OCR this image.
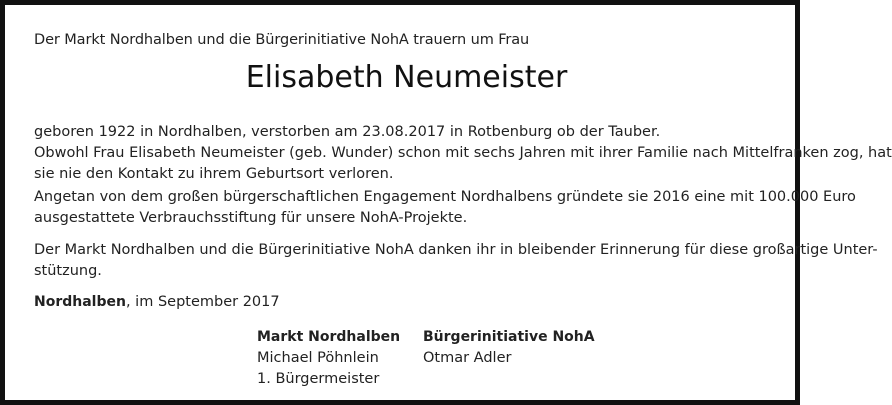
Der Markt Nordhalben und die Bürgerinitiative NohA trauern um Frau
Elisabeth Neumeister
geboren 1922 in Nordhalben, verstorben am 23.08.2017 in Rotbenburg ob der Tauber.
Obwohl Frau Elisabeth Neumeister (geb. Wunder) schon mit sechs Jahren mit ihrer Familie nach Mittelfranken zog, hat
sie nie den Kontakt zu ihrem Geburtsort verloren.
Angetan von dem großen bürgerschaftlichen Engagement Nordhalbens gründete sie 2016 eine mit 100.000 Euro
ausgestattete Verbrauchsstiftung für unsere NohA-Projekte.
Der Markt Nordhalben und die Bürgerinitiative NohA danken ihr in bleibender Erinnerung für diese großartige Unter-
stützung.
Nordhalben, im September 2017
Markt Nordhalben
Michael Pöhnlein
1. Bürgermeister
Bürgerinitiative NohA
Otmar Adler
